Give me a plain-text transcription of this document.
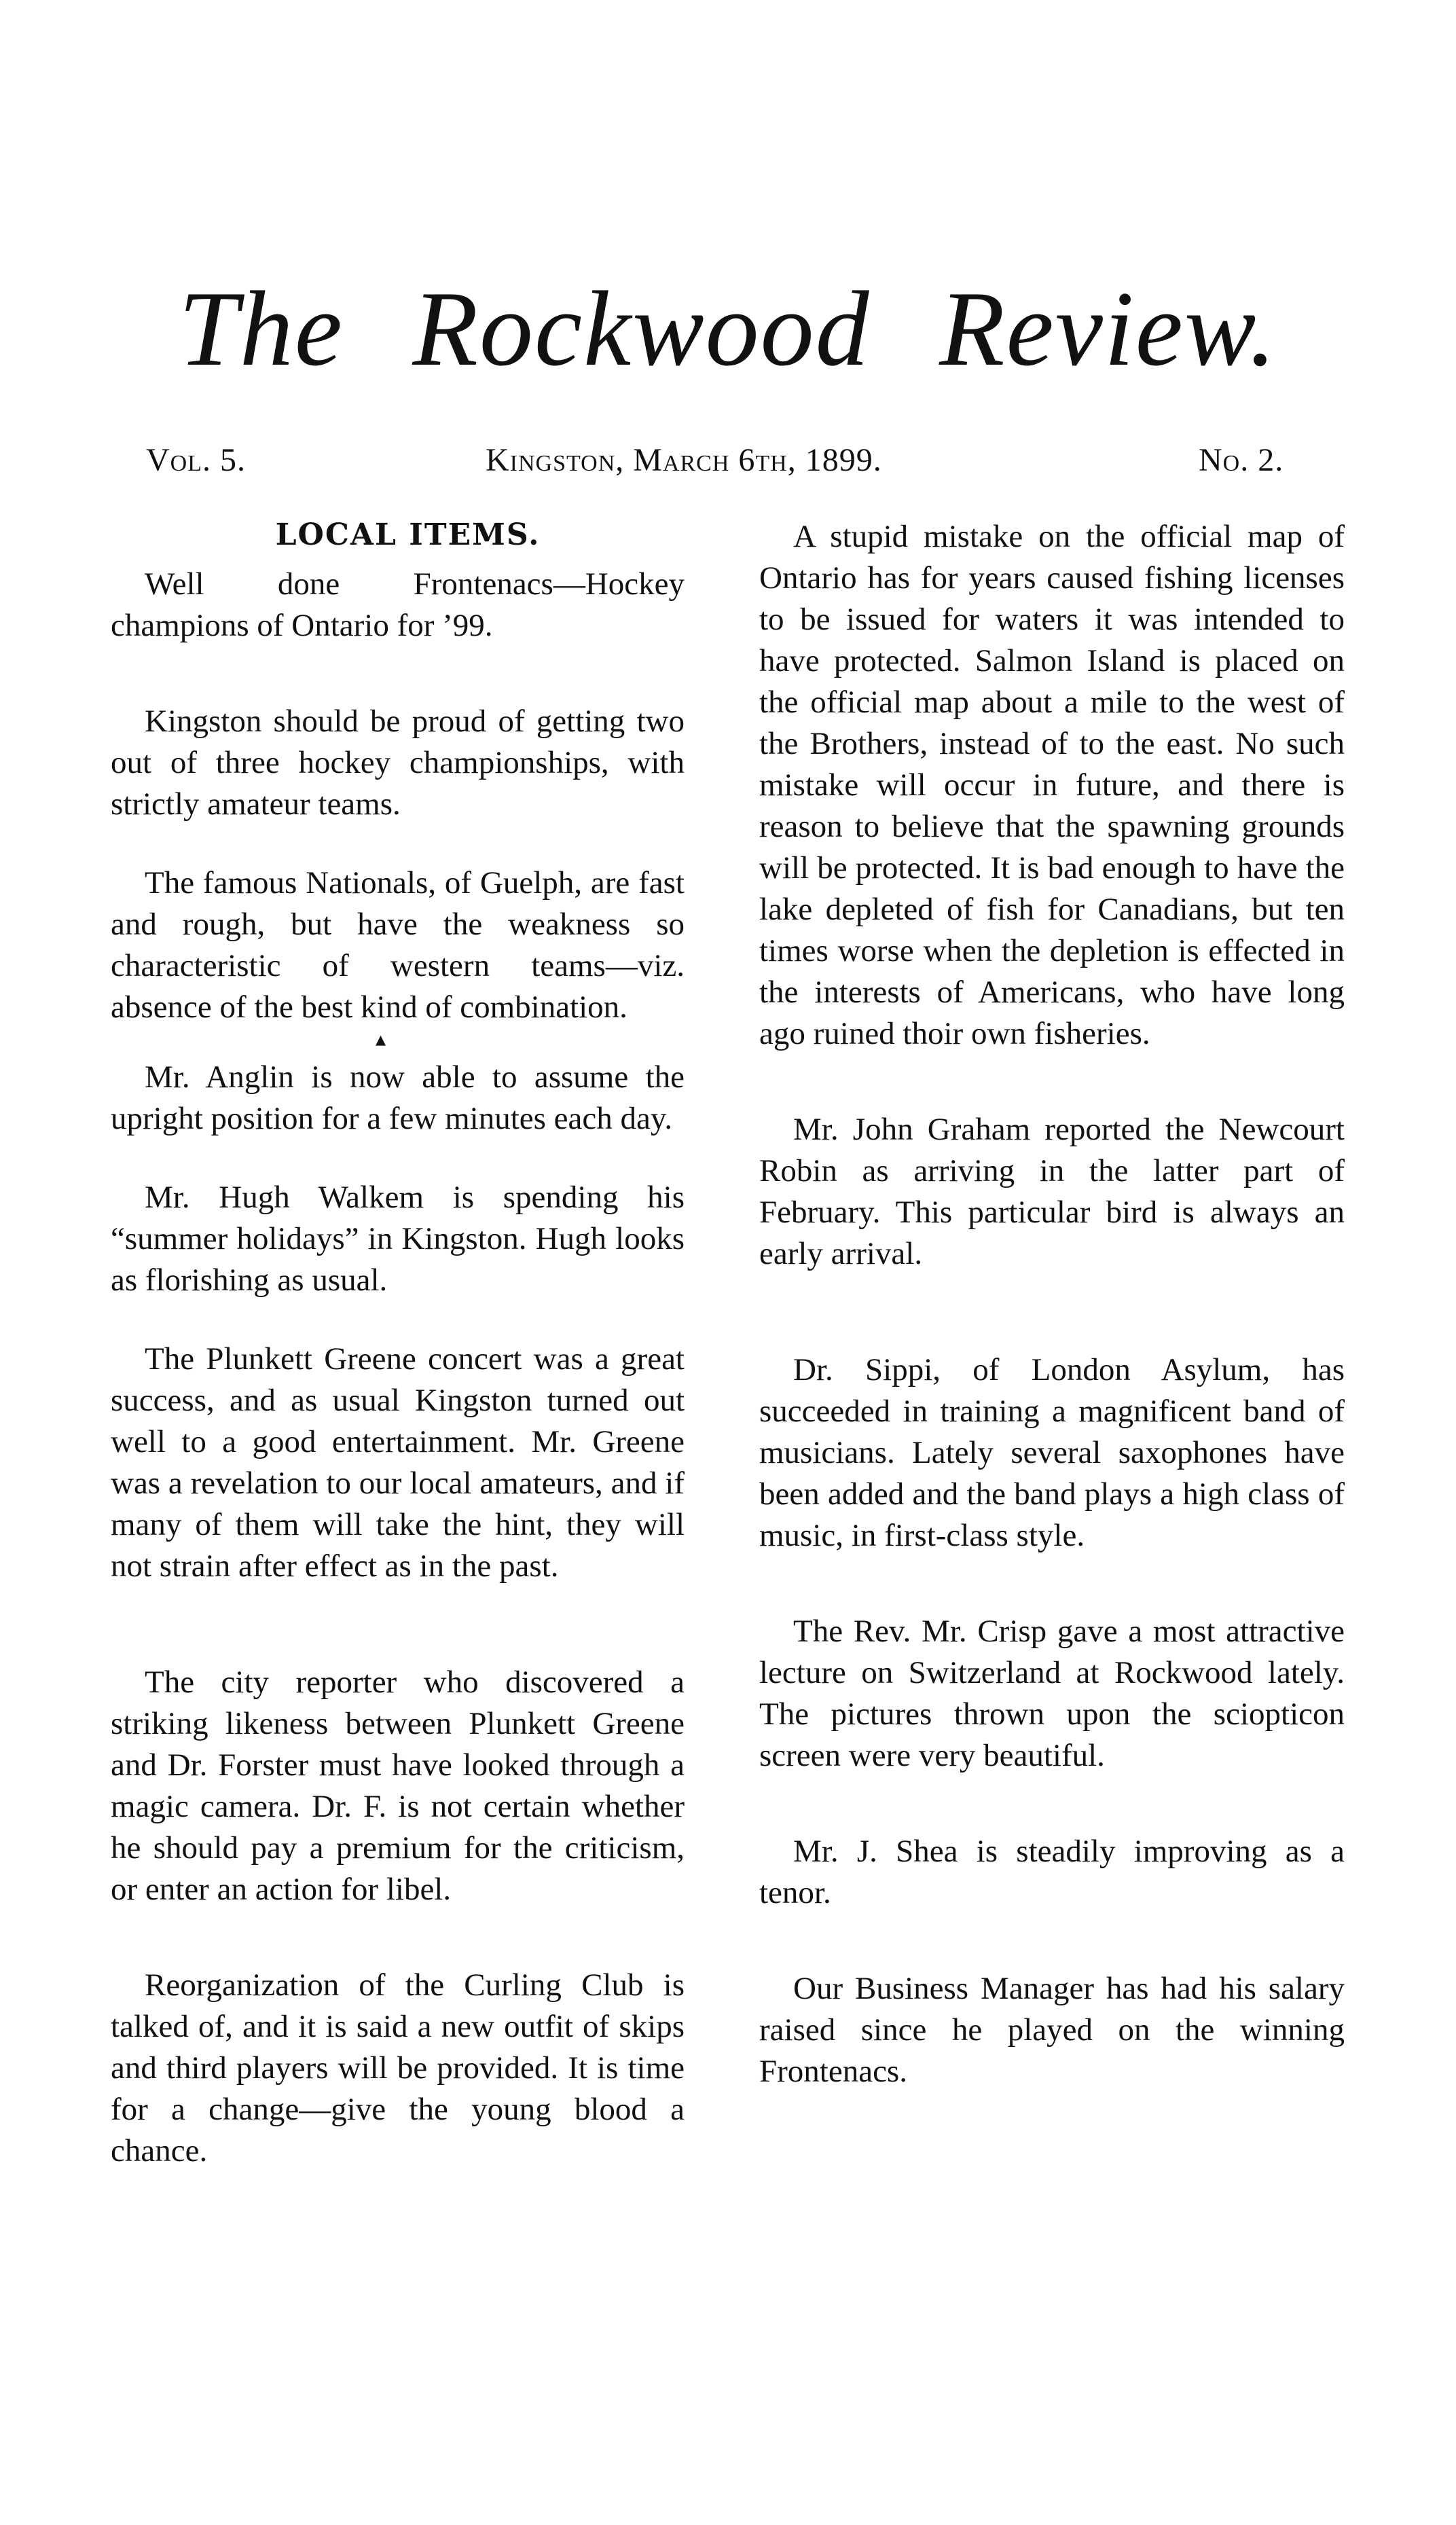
The Rockwood Review.
Vol. 5.	Kingston, March 6th, 1899.	No. 2.
LOCAL ITEMS.

Well done Frontenacs—Hockey champions of Ontario for ’99.

Kingston should be proud of getting two out of three hockey championships, with strictly amateur teams.

The famous Nationals, of Guelph, are fast and rough, but have the weakness so characteristic of western teams—viz. absence of the best kind of combination.

▴

Mr. Anglin is now able to assume the upright position for a few minutes each day.

Mr. Hugh Walkem is spending his “summer holidays” in Kingston. Hugh looks as florishing as usual.

The Plunkett Greene concert was a great success, and as usual Kingston turned out well to a good entertainment. Mr. Greene was a revelation to our local amateurs, and if many of them will take the hint, they will not strain after effect as in the past.

The city reporter who discovered a striking likeness between Plunkett Greene and Dr. Forster must have looked through a magic camera. Dr. F. is not certain whether he should pay a premium for the criticism, or enter an action for libel.

Reorganization of the Curling Club is talked of, and it is said a new outfit of skips and third players will be provided. It is time for a change—give the young blood a chance.

A stupid mistake on the official map of Ontario has for years caused fishing licenses to be issued for waters it was intended to have protected. Salmon Island is placed on the official map about a mile to the west of the Brothers, instead of to the east. No such mistake will occur in future, and there is reason to believe that the spawning grounds will be protected. It is bad enough to have the lake depleted of fish for Canadians, but ten times worse when the depletion is effected in the interests of Americans, who have long ago ruined thoir own fisheries.

Mr. John Graham reported the Newcourt Robin as arriving in the latter part of February. This particular bird is always an early arrival.

Dr. Sippi, of London Asylum, has succeeded in training a magnificent band of musicians. Lately several saxophones have been added and the band plays a high class of music, in first-class style.

The Rev. Mr. Crisp gave a most attractive lecture on Switzerland at Rockwood lately. The pictures thrown upon the sciopticon screen were very beautiful.

Mr. J. Shea is steadily improving as a tenor.

Our Business Manager has had his salary raised since he played on the winning Frontenacs.
